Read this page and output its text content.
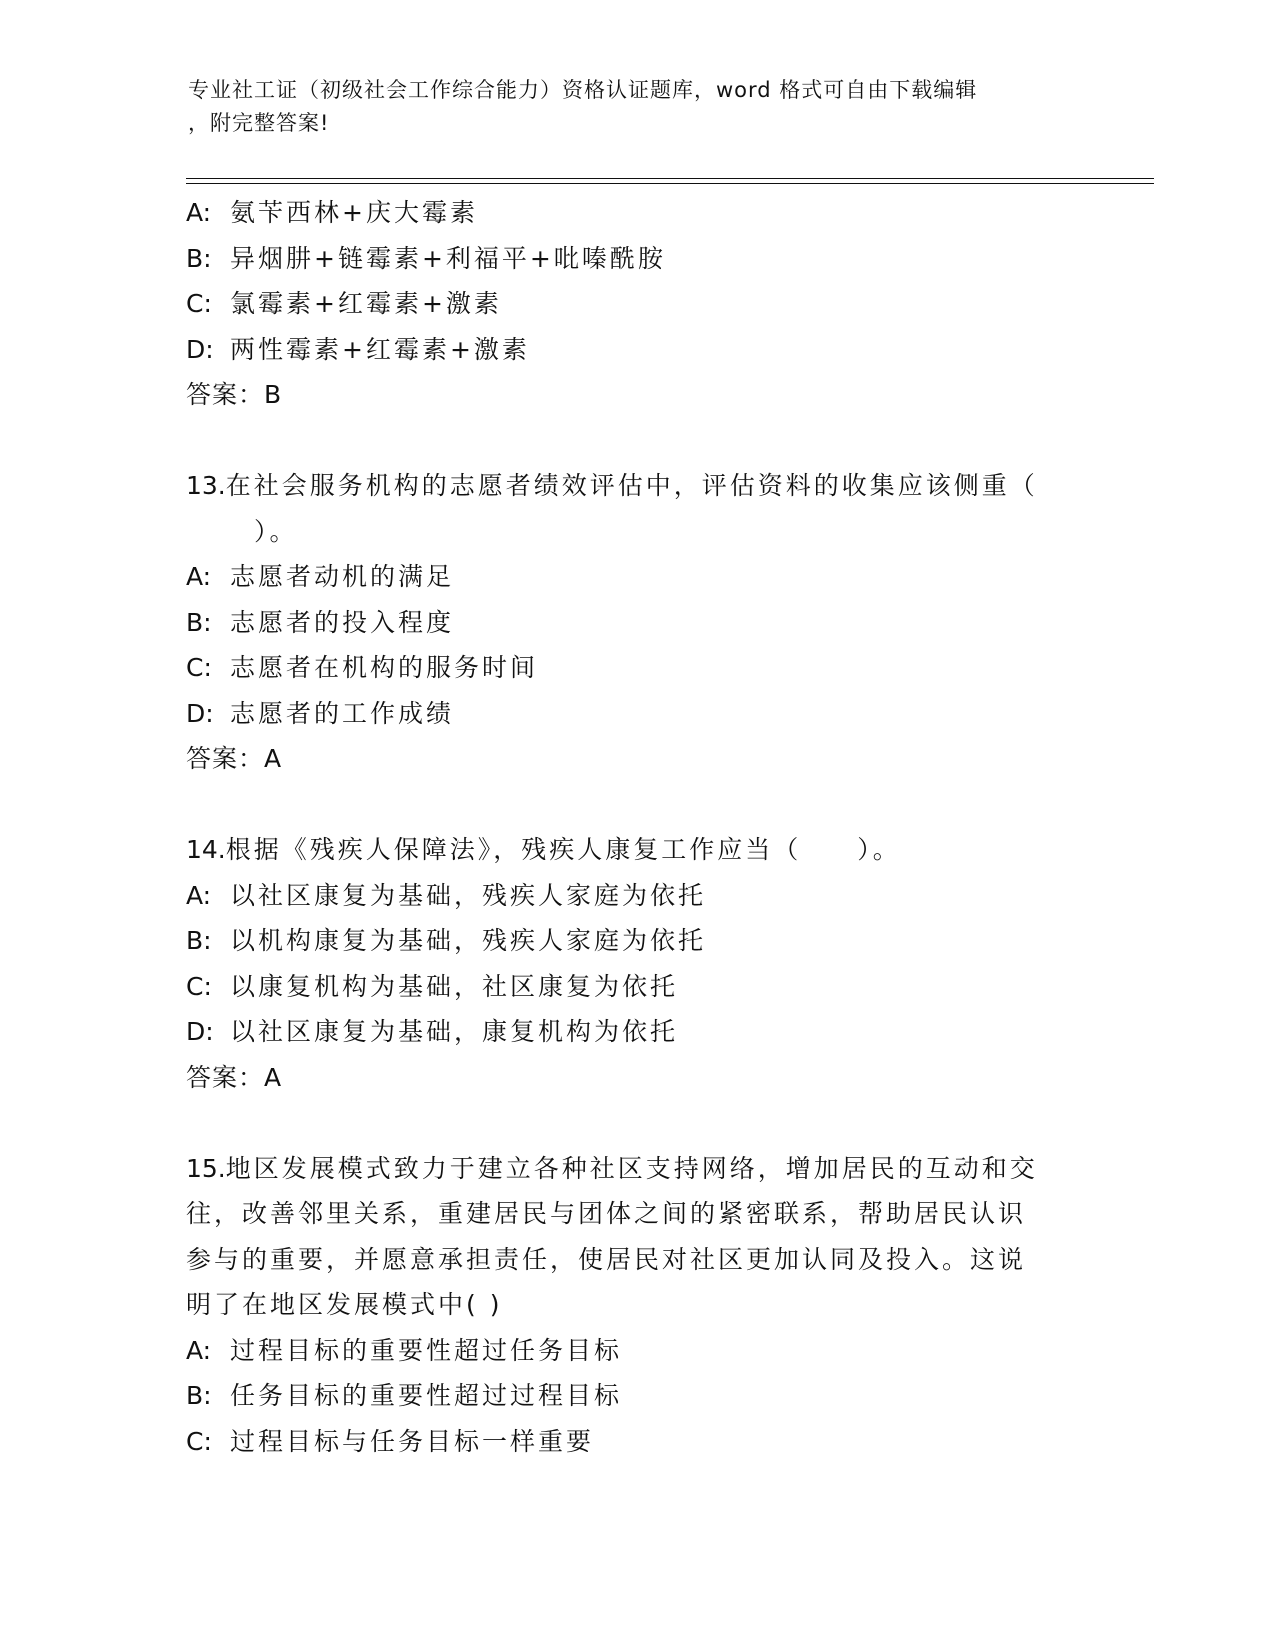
专业社工证（初级社会工作综合能力）资格认证题库，word 格式可自由下载编辑

，附完整答案!

A: 氨苄西林+庆大霉素
B: 异烟肼+链霉素+利福平+吡嗪酰胺
C: 氯霉素+红霉素+激素
D: 两性霉素+红霉素+激素
答案：B
13.在社会服务机构的志愿者绩效评估中，评估资料的收集应该侧重（
）。
A: 志愿者动机的满足
B: 志愿者的投入程度
C: 志愿者在机构的服务时间
D: 志愿者的工作成绩
答案：A
14.根据《残疾人保障法》，残疾人康复工作应当（　　）。
A: 以社区康复为基础，残疾人家庭为依托
B: 以机构康复为基础，残疾人家庭为依托
C: 以康复机构为基础，社区康复为依托
D: 以社区康复为基础，康复机构为依托
答案：A
15.地区发展模式致力于建立各种社区支持网络，增加居民的互动和交
往，改善邻里关系，重建居民与团体之间的紧密联系，帮助居民认识
参与的重要，并愿意承担责任，使居民对社区更加认同及投入。这说
明了在地区发展模式中( )
A: 过程目标的重要性超过任务目标
B: 任务目标的重要性超过过程目标
C: 过程目标与任务目标一样重要
